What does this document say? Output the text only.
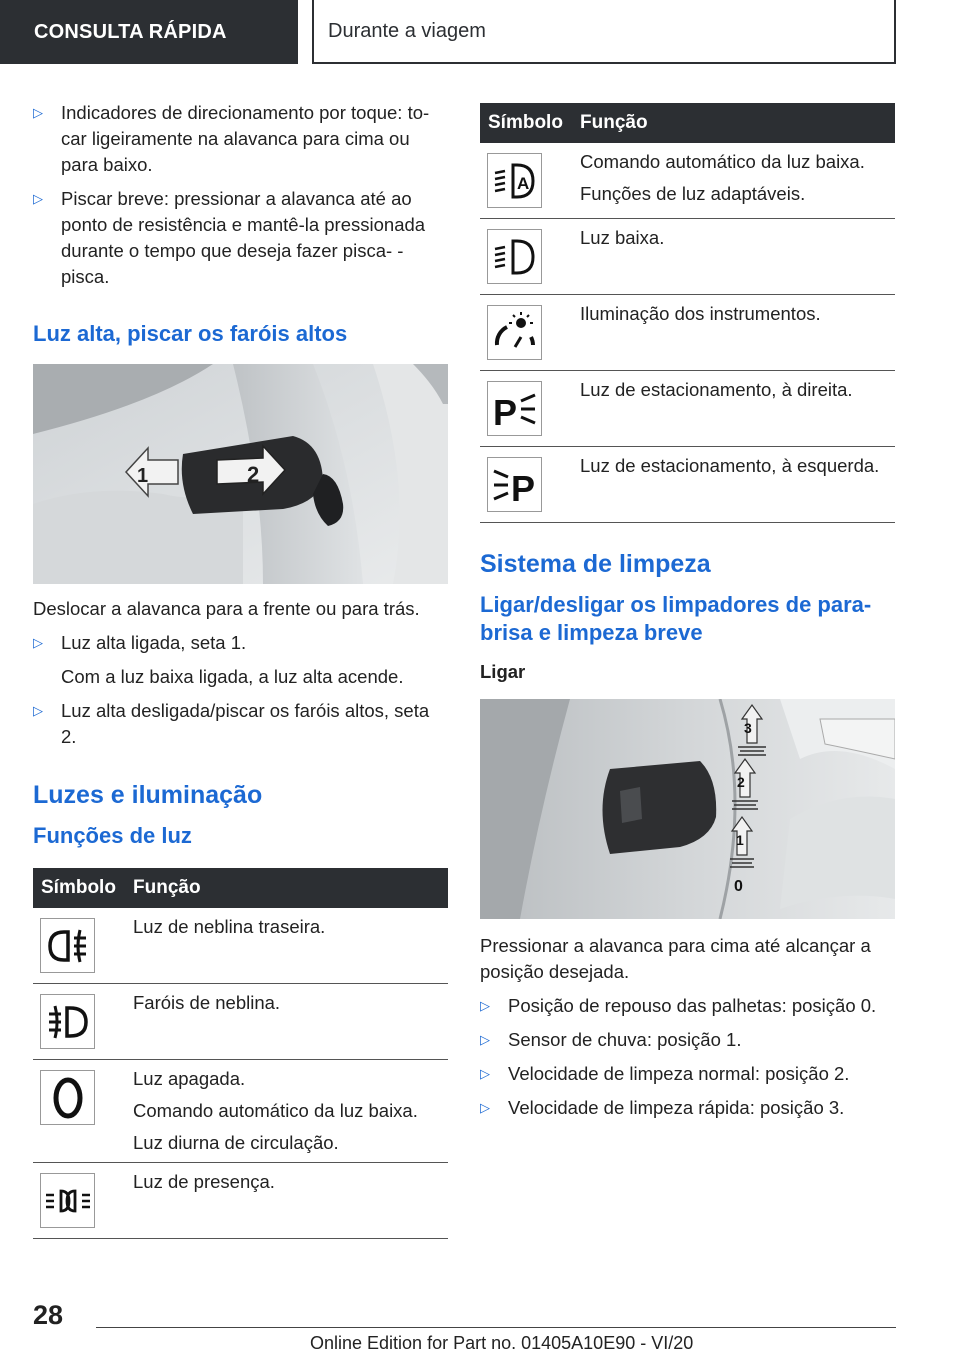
CONSULTA RÁPIDA	Durante a viagem
▷ Indicadores de direcionamento por toque: to- car ligeiramente na alavanca para cima ou para baixo.
▷ Piscar breve: pressionar a alavanca até ao ponto de resistência e mantê-la pressionada durante o tempo que deseja fazer pisca- -pisca.
Luz alta, piscar os faróis altos
2
1
Deslocar a alavanca para a frente ou para trás.
▷ Luz alta ligada, seta 1.
Com a luz baixa ligada, a luz alta acende.
▷ Luz alta desligada/piscar os faróis altos, seta 2.
Luzes e iluminação
Funções de luz
Símbolo Função
Luz de neblina traseira.
Faróis de neblina.
Luz apagada.
Comando automático da luz baixa.
Luz diurna de circulação.
Luz de presença.
Símbolo Função
A
Comando automático da luz baixa.
Funções de luz adaptáveis.
Luz baixa.
Iluminação dos instrumentos.
P
Luz de estacionamento, à direita.
P
Luz de estacionamento, à esquerda.
Sistema de limpeza
Ligar/desligar os limpadores de para-brisa e limpeza breve
Ligar
3
2
1
0
Pressionar a alavanca para cima até alcançar a posição desejada.
▷ Posição de repouso das palhetas: posição 0.
▷ Sensor de chuva: posição 1.
▷ Velocidade de limpeza normal: posição 2.
▷ Velocidade de limpeza rápida: posição 3.
28
Online Edition for Part no. 01405A10E90 - VI/20
